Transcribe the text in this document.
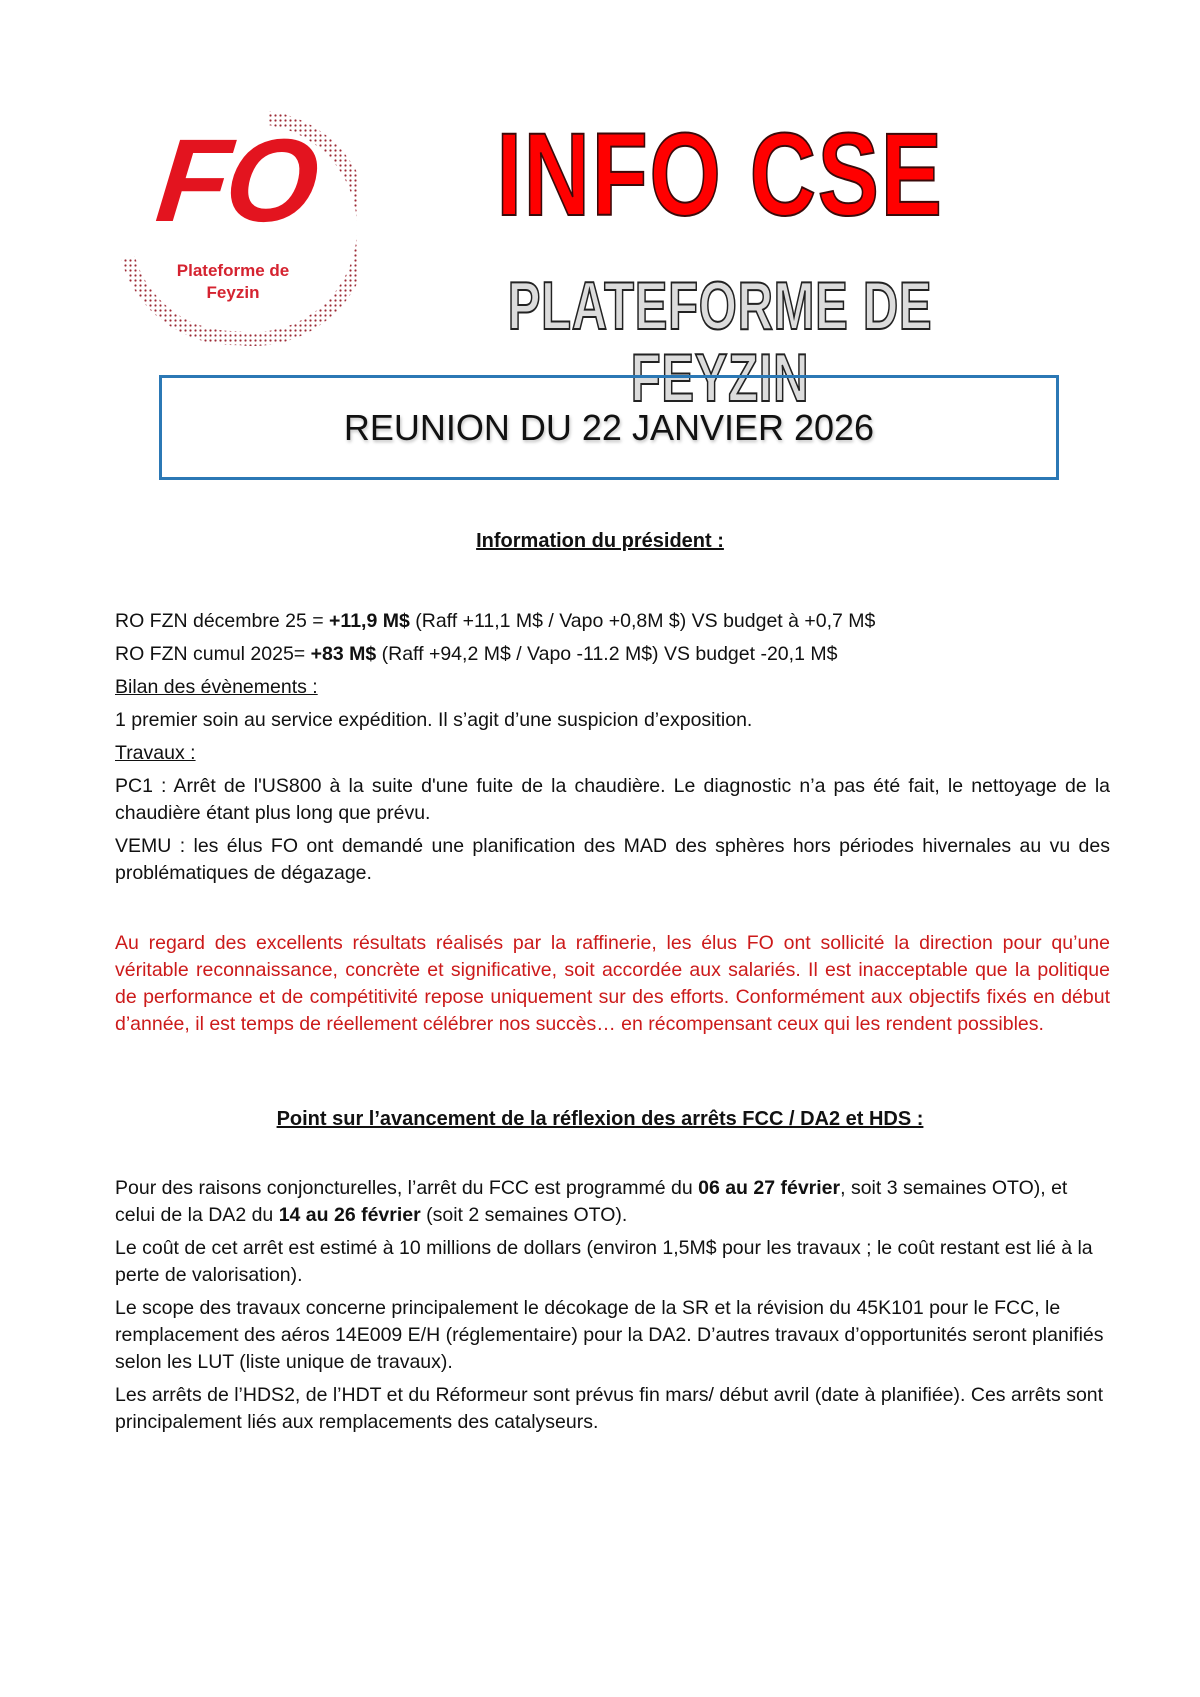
FO
Plateforme de
Feyzin
INFO CSE
PLATEFORME DE FEYZIN
REUNION DU 22 JANVIER 2026
Information du président :

RO FZN décembre 25 = +11,9 M$ (Raff +11,1 M$ / Vapo +0,8M $) VS budget à +0,7 M$

RO FZN cumul 2025= +83 M$ (Raff +94,2 M$ / Vapo -11.2 M$) VS budget -20,1 M$

Bilan des évènements :

1 premier soin au service expédition. Il s’agit d’une suspicion d’exposition.

Travaux :

PC1 : Arrêt de l'US800 à la suite d'une fuite de la chaudière. Le diagnostic n’a pas été fait, le nettoyage de la chaudière étant plus long que prévu.

VEMU : les élus FO ont demandé une planification des MAD des sphères hors périodes hivernales au vu des problématiques de dégazage.

Au regard des excellents résultats réalisés par la raffinerie, les élus FO ont sollicité la direction pour qu’une véritable reconnaissance, concrète et significative, soit accordée aux salariés. Il est inacceptable que la politique de performance et de compétitivité repose uniquement sur des efforts. Conformément aux objectifs fixés en début d’année, il est temps de réellement célébrer nos succès… en récompensant ceux qui les rendent possibles.
Point sur l’avancement de la réflexion des arrêts FCC / DA2 et HDS :

Pour des raisons conjoncturelles, l’arrêt du FCC est programmé du 06 au 27 février, soit 3 semaines OTO), et celui de la DA2 du 14 au 26 février (soit 2 semaines OTO).

Le coût de cet arrêt est estimé à 10 millions de dollars (environ 1,5M$ pour les travaux ; le coût restant est lié à la perte de valorisation).

Le scope des travaux concerne principalement le décokage de la SR et la révision du 45K101 pour le FCC, le remplacement des aéros 14E009 E/H (réglementaire) pour la DA2. D’autres travaux d’opportunités seront planifiés selon les LUT (liste unique de travaux).

Les arrêts de l’HDS2, de l’HDT et du Réformeur sont prévus fin mars/ début avril (date à planifiée). Ces arrêts sont principalement liés aux remplacements des catalyseurs.
